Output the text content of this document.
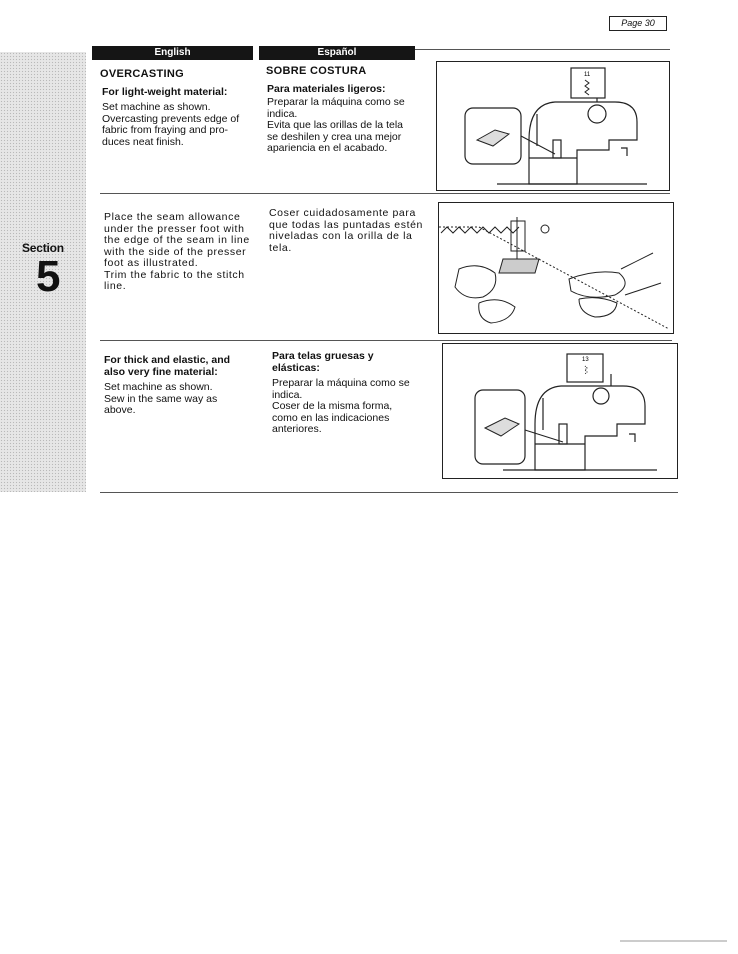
Page 30
Section
5
English	Español
OVERCASTING
For light-weight material:
Set machine as shown.
Overcasting prevents edge of
fabric from fraying and pro-
duces neat finish.
SOBRE COSTURA
Para materiales ligeros:
Preparar la máquina como se
indica.
Evita que las orillas de la tela
se deshilen y crea una mejor
apariencia en el acabado.
11
Place the seam allowance
under the presser foot with
the edge of the seam in line
with the side of the presser
foot as illustrated.
Trim the fabric to the stitch
line.
Coser cuidadosamente para
que todas las puntadas estén
niveladas con la orilla de la
tela.
For thick and elastic, and
also very fine material:
Set machine as shown.
Sew in the same way as
above.
Para telas gruesas y
elásticas:
Preparar la máquina como se
indica.
Coser de la misma forma,
como en las indicaciones
anteriores.
13
